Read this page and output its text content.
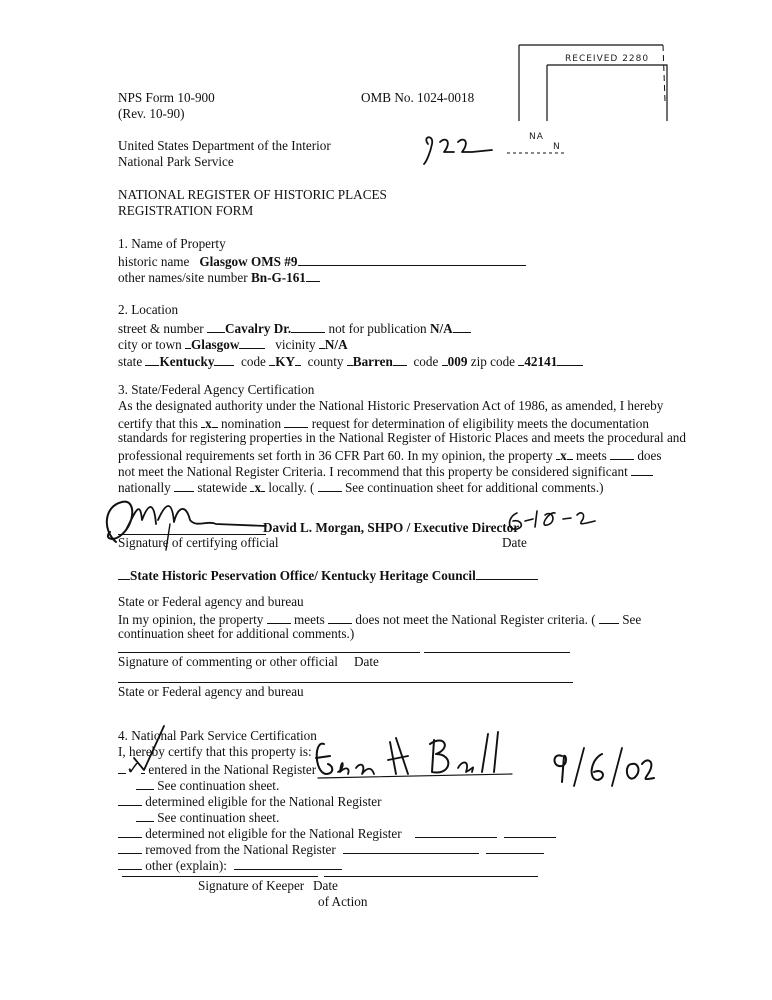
RECEIVED 2280
NA
N
NPS Form 10-900	OMB No. 1024-0018
(Rev. 10-90)
United States Department of the Interior
National Park Service
NATIONAL REGISTER OF HISTORIC PLACES
REGISTRATION FORM
1. Name of Property
historic name Glasgow OMS #9
other names/site number Bn-G-161
2. Location
street & number Cavalry Dr.	not for publication N/A
city or town Glasgow	vicinity N/A
state Kentucky code KY county Barren code 009 zip code 42141
3. State/Federal Agency Certification
As the designated authority under the National Historic Preservation Act of 1986, as amended, I hereby
certify that this x nomination request for determination of eligibility meets the documentation
standards for registering properties in the National Register of Historic Places and meets the procedural and
professional requirements set forth in 36 CFR Part 60. In my opinion, the property x meets does
not meet the National Register Criteria. I recommend that this property be considered significant
nationally statewide x locally. ( See continuation sheet for additional comments.)
David L. Morgan, SHPO / Executive Director
Signature of certifying official	Date
State Historic Peservation Office/ Kentucky Heritage Council
State or Federal agency and bureau
In my opinion, the property meets does not meet the National Register criteria. ( See
continuation sheet for additional comments.)
Signature of commenting or other official Date
State or Federal agency and bureau
4. National Park Service Certification
I, hereby certify that this property is:
✓ entered in the National Register
See continuation sheet.
determined eligible for the National Register
See continuation sheet.
determined not eligible for the National Register
removed from the National Register
other (explain):
Signature of Keeper Date
of Action
